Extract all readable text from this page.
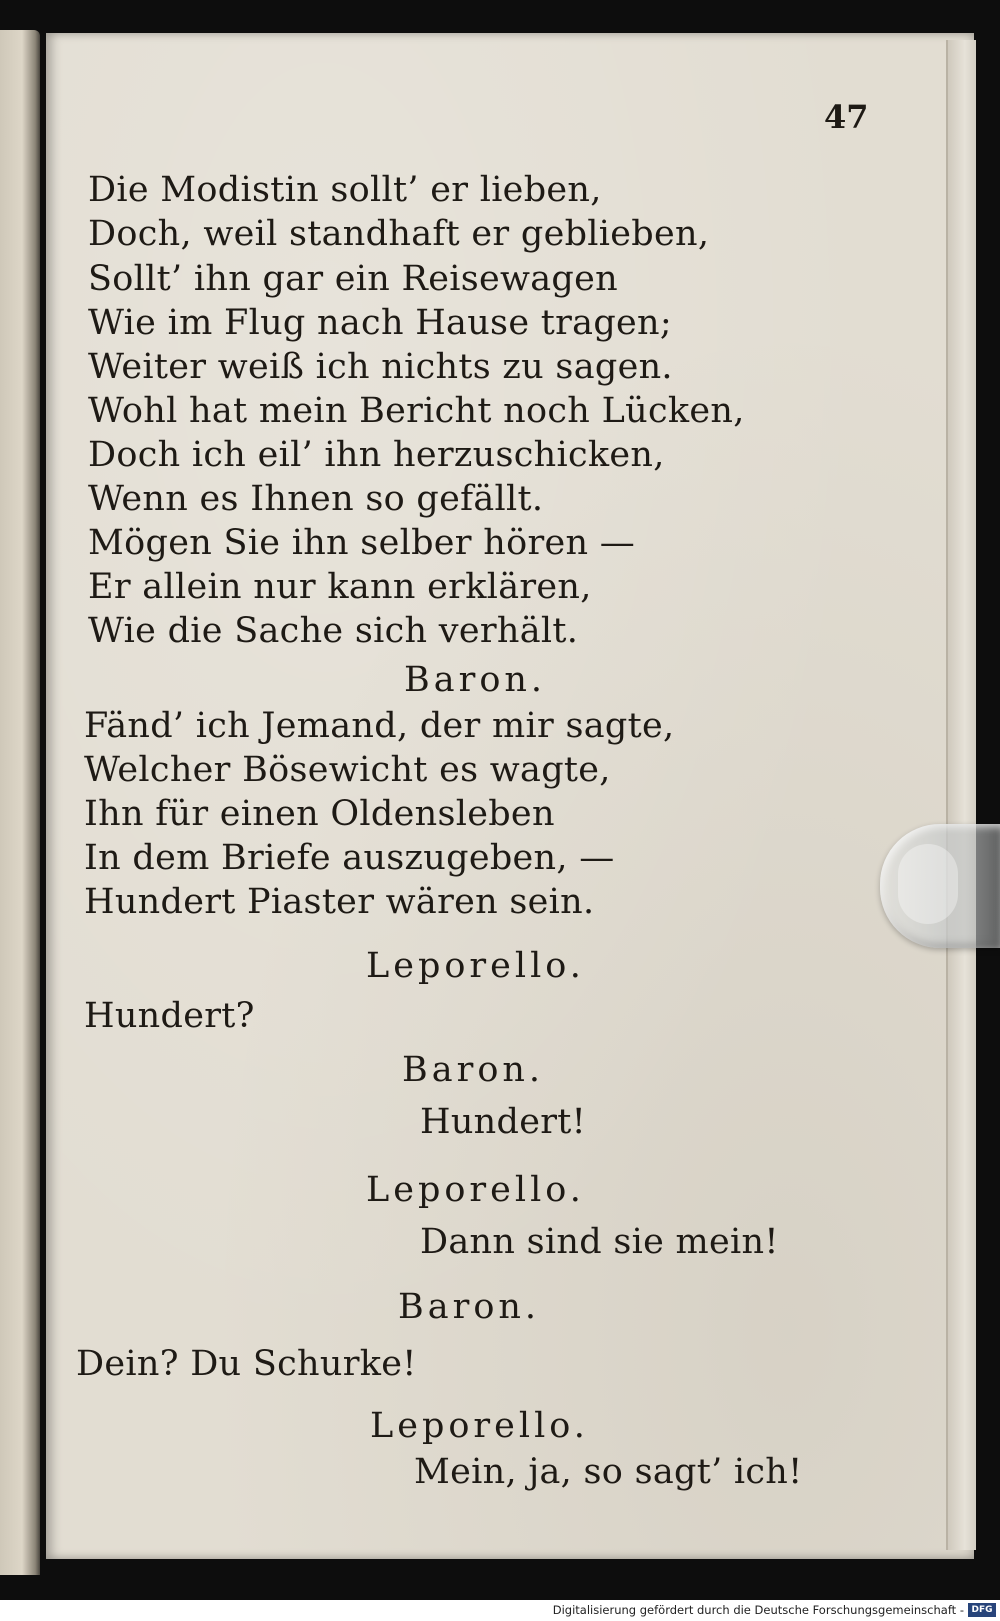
47

Die Modistin sollt’ er lieben,

Doch, weil standhaft er geblieben,

Sollt’ ihn gar ein Reisewagen

Wie im Flug nach Hause tragen;

Weiter weiß ich nichts zu sagen.

Wohl hat mein Bericht noch Lücken,

Doch ich eil’ ihn herzuschicken,

Wenn es Ihnen so gefällt.

Mögen Sie ihn selber hören —

Er allein nur kann erklären,

Wie die Sache sich verhält.

Baron.

Fänd’ ich Jemand, der mir sagte,

Welcher Bösewicht es wagte,

Ihn für einen Oldensleben

In dem Briefe auszugeben, —

Hundert Piaster wären sein.

Leporello.

Hundert?

Baron.

Hundert!

Leporello.

Dann sind sie mein!

Baron.

Dein? Du Schurke!

Leporello.

Mein, ja, so sagt’ ich!

Digitalisierung gefördert durch die Deutsche Forschungsgemeinschaft - DFG
